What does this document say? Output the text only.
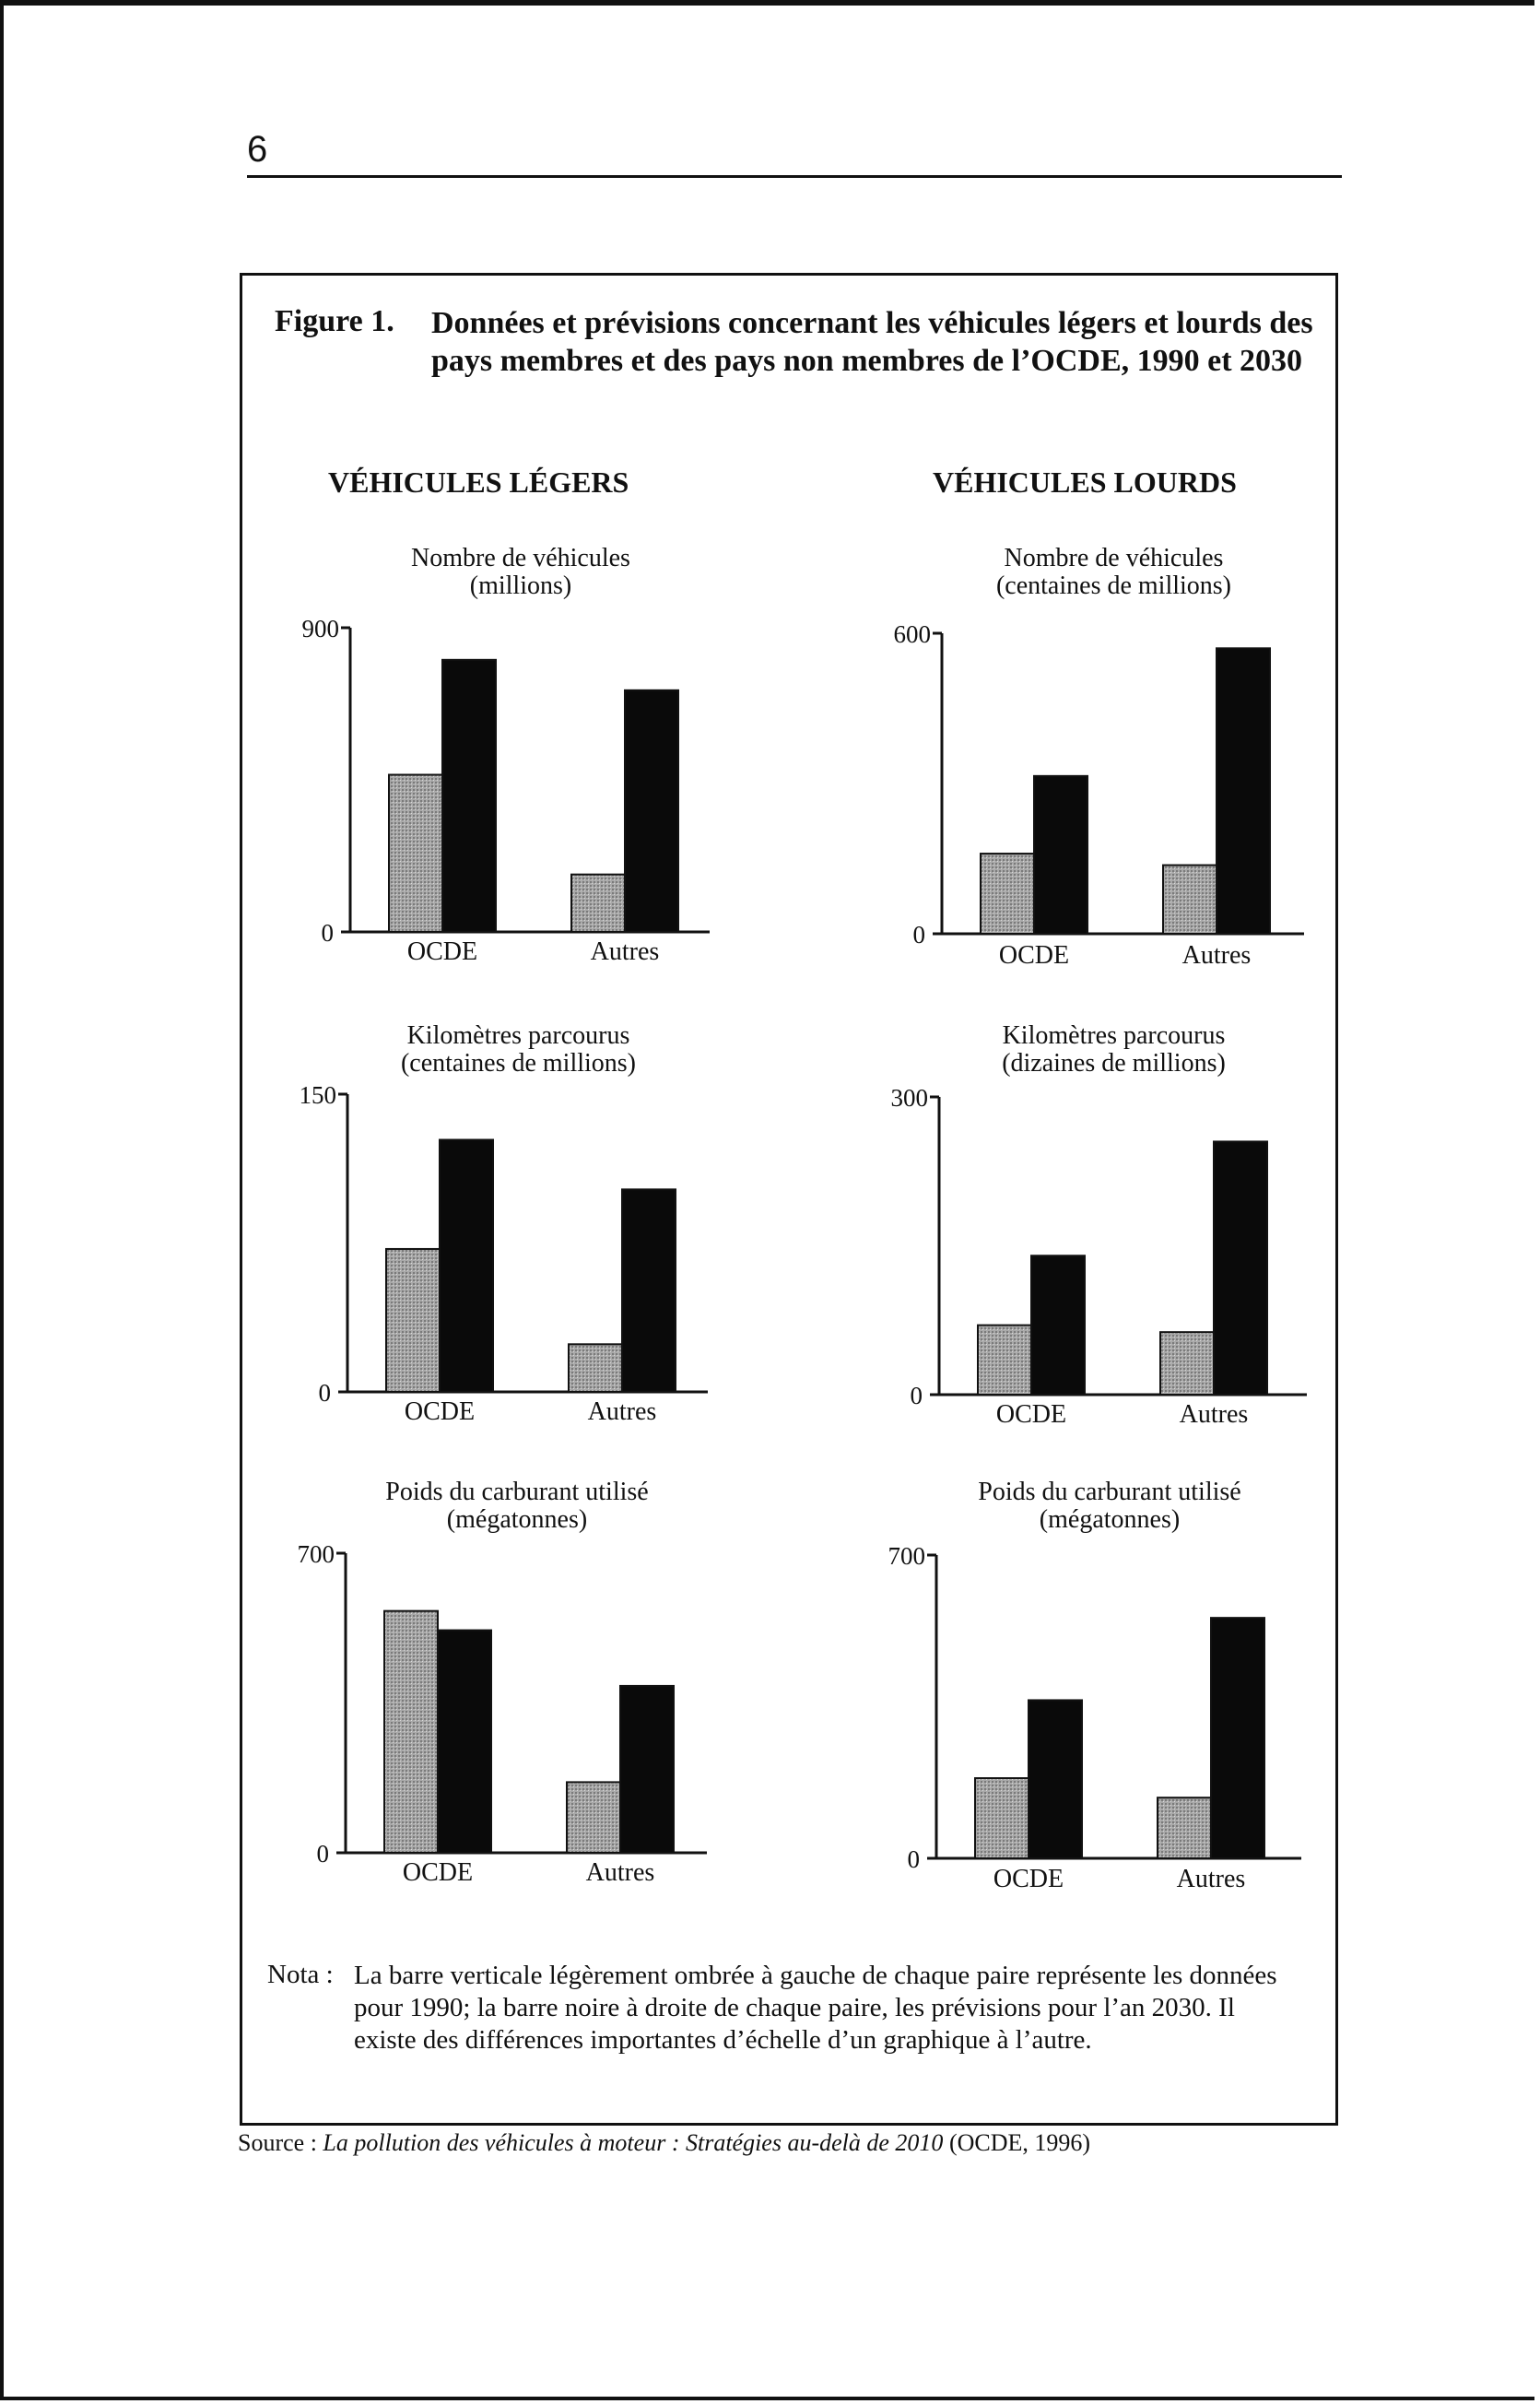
6
Figure 1. Données et prévisions concernant les véhicules légers et lourds des pays membres et des pays non membres de l’OCDE, 1990 et 2030
VÉHICULES LÉGERS	VÉHICULES LOURDS
Nombre de véhicules
(millions)
900
0
OCDE	Autres
Nombre de véhicules
(centaines de millions)
600
0
OCDE	Autres
Kilomètres parcourus
(centaines de millions)
150
0
OCDE	Autres
Kilomètres parcourus
(dizaines de millions)
300
0
OCDE	Autres
Poids du carburant utilisé
(mégatonnes)
700
0
OCDE	Autres
Poids du carburant utilisé
(mégatonnes)
700
0
OCDE	Autres
Nota : La barre verticale légèrement ombrée à gauche de chaque paire représente les données pour 1990; la barre noire à droite de chaque paire, les prévisions pour l’an 2030. Il existe des différences importantes d’échelle d’un graphique à l’autre.
Source : La pollution des véhicules à moteur : Stratégies au-delà de 2010 (OCDE, 1996)
